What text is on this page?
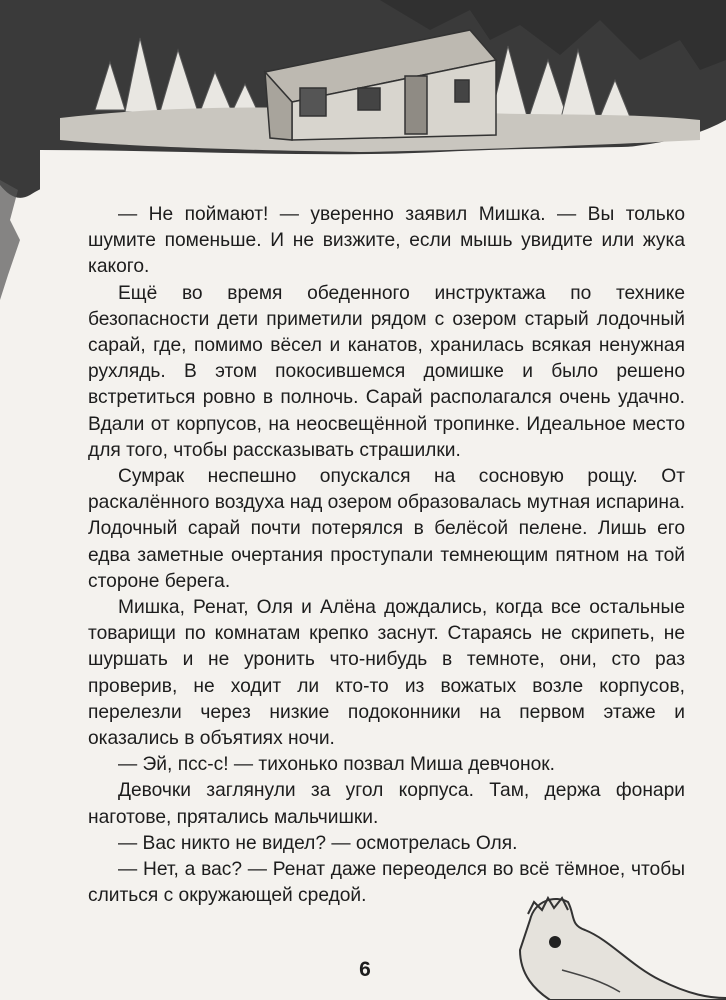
— Не поймают! — уверенно заявил Мишка. — Вы только шумите поменьше. И не визжите, если мышь увидите или жука какого.

Ещё во время обеденного инструктажа по технике безопасности дети приметили рядом с озером старый лодочный сарай, где, помимо вёсел и канатов, хранилась всякая ненужная рухлядь. В этом покосившемся домишке и было решено встретиться ровно в полночь. Сарай располагался очень удачно. Вдали от корпусов, на неосвещённой тропинке. Идеальное место для того, чтобы рассказывать страшилки.

Сумрак неспешно опускался на сосновую рощу. От раскалённого воздуха над озером образовалась мутная испарина. Лодочный сарай почти потерялся в белёсой пелене. Лишь его едва заметные очертания проступали темнеющим пятном на той стороне берега.

Мишка, Ренат, Оля и Алёна дождались, когда все остальные товарищи по комнатам крепко заснут. Стараясь не скрипеть, не шуршать и не уронить что-нибудь в темноте, они, сто раз проверив, не ходит ли кто-то из вожатых возле корпусов, перелезли через низкие подоконники на первом этаже и оказались в объятиях ночи.

— Эй, псс-с! — тихонько позвал Миша девчонок.

Девочки заглянули за угол корпуса. Там, держа фонари наготове, прятались мальчишки.

— Вас никто не видел? — осмотрелась Оля.

— Нет, а вас? — Ренат даже переоделся во всё тёмное, чтобы слиться с окружающей средой.

6
